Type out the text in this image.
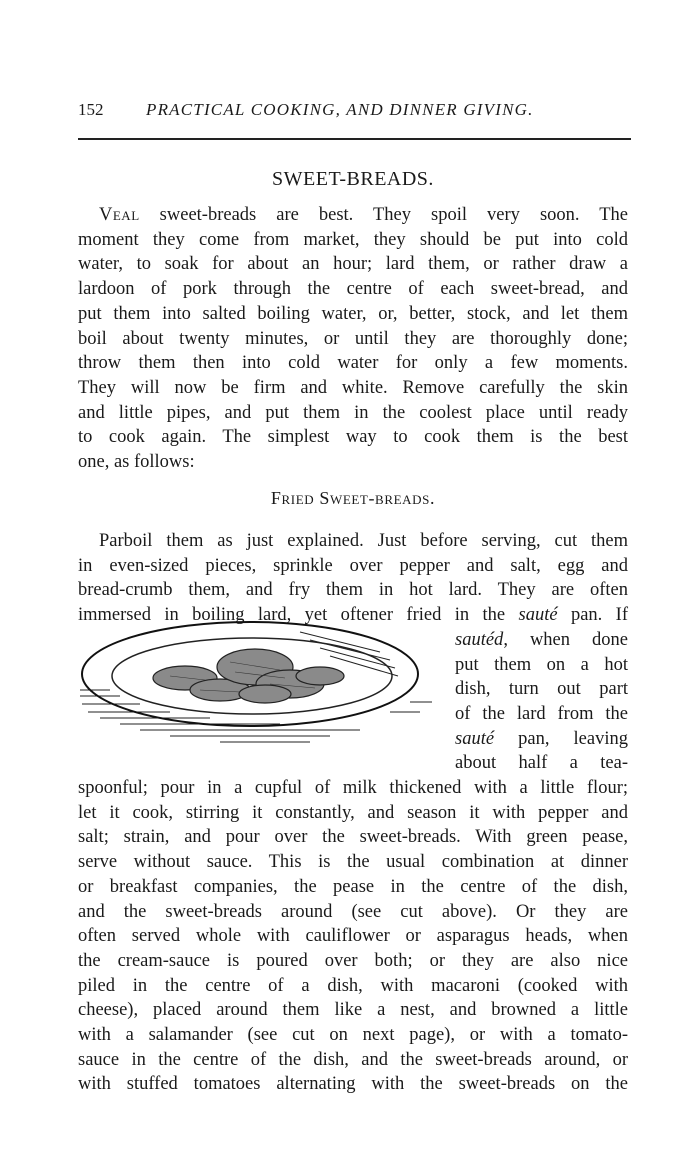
152	PRACTICAL COOKING, AND DINNER GIVING.
SWEET-BREADS.
Veal sweet-breads are best. They spoil very soon. The
moment they come from market, they should be put into cold
water, to soak for about an hour; lard them, or rather draw a
lardoon of pork through the centre of each sweet-bread, and
put them into salted boiling water, or, better, stock, and let them
boil about twenty minutes, or until they are thoroughly done;
throw them then into cold water for only a few moments.
They will now be firm and white. Remove carefully the skin
and little pipes, and put them in the coolest place until ready
to cook again. The simplest way to cook them is the best
one, as follows:
Fried Sweet-breads.
Parboil them as just explained. Just before serving, cut them
in even-sized pieces, sprinkle over pepper and salt, egg and
bread-crumb them, and fry them in hot lard. They are often
immersed in boiling lard, yet oftener fried in the sauté pan. If
sautéd, when done
put them on a hot
dish, turn out part
of the lard from the
sauté pan, leaving
about half a tea-
spoonful; pour in a cupful of milk thickened with a little flour;
let it cook, stirring it constantly, and season it with pepper and
salt; strain, and pour over the sweet-breads. With green pease,
serve without sauce. This is the usual combination at dinner
or breakfast companies, the pease in the centre of the dish,
and the sweet-breads around (see cut above). Or they are
often served whole with cauliflower or asparagus heads, when
the cream-sauce is poured over both; or they are also nice
piled in the centre of a dish, with macaroni (cooked with
cheese), placed around them like a nest, and browned a little
with a salamander (see cut on next page), or with a tomato-
sauce in the centre of the dish, and the sweet-breads around, or
with stuffed tomatoes alternating with the sweet-breads on the
